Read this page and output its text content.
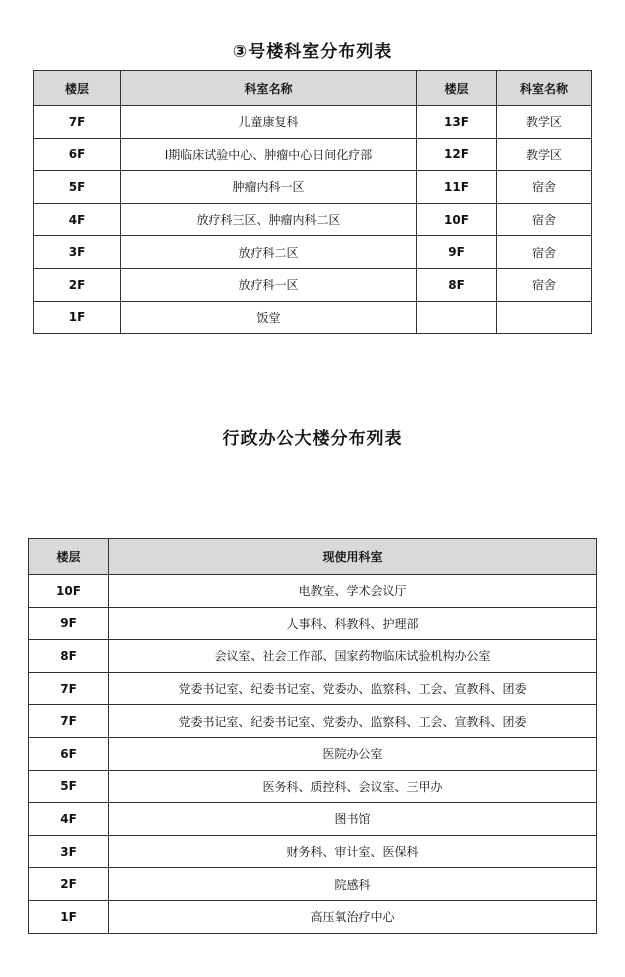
③号楼科室分布列表
楼层	科室名称	楼层	科室名称
7F	儿童康复科	13F	教学区
6F	Ⅰ期临床试验中心、肿瘤中心日间化疗部	12F	教学区
5F	肿瘤内科一区	11F	宿舍
4F	放疗科三区、肿瘤内科二区	10F	宿舍
3F	放疗科二区	9F	宿舍
2F	放疗科一区	8F	宿舍
1F	饭堂		
行政办公大楼分布列表
楼层	现使用科室
10F	电教室、学术会议厅
9F	人事科、科教科、护理部
8F	会议室、社会工作部、国家药物临床试验机构办公室
7F	党委书记室、纪委书记室、党委办、监察科、工会、宣教科、团委
7F	党委书记室、纪委书记室、党委办、监察科、工会、宣教科、团委
6F	医院办公室
5F	医务科、质控科、会议室、三甲办
4F	图书馆
3F	财务科、审计室、医保科
2F	院感科
1F	高压氧治疗中心
